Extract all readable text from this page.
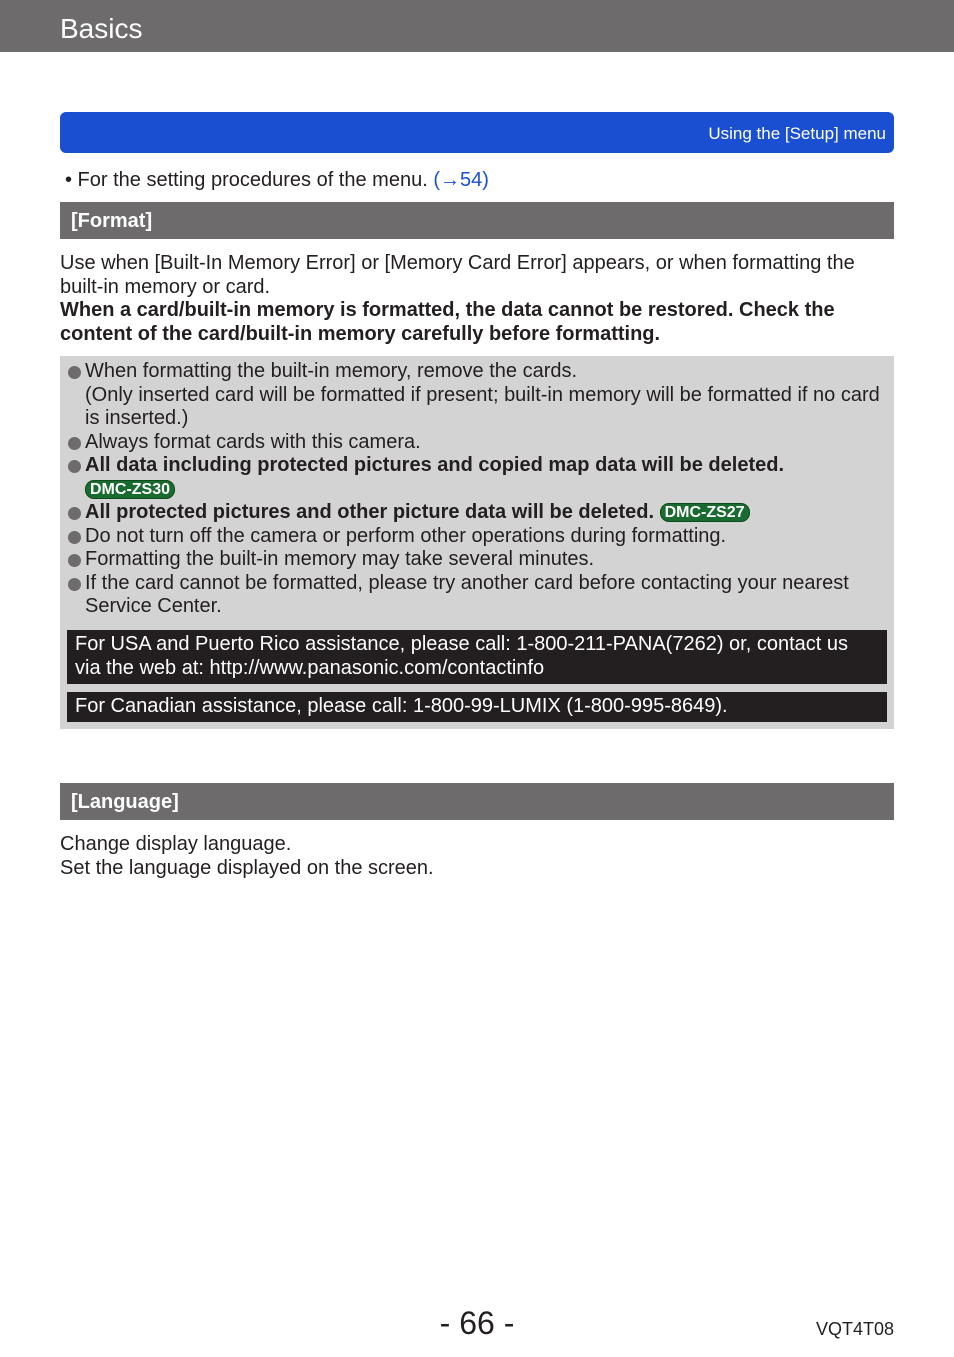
Basics
Using the [Setup] menu
• For the setting procedures of the menu. (→54)
[Format]
Use when [Built-In Memory Error] or [Memory Card Error] appears, or when formatting the built-in memory or card.
When a card/built-in memory is formatted, the data cannot be restored. Check the content of the card/built-in memory carefully before formatting.
When formatting the built-in memory, remove the cards.
(Only inserted card will be formatted if present; built-in memory will be formatted if no card is inserted.)
Always format cards with this camera.
All data including protected pictures and copied map data will be deleted.
DMC-ZS30
All protected pictures and other picture data will be deleted. DMC-ZS27
Do not turn off the camera or perform other operations during formatting.
Formatting the built-in memory may take several minutes.
If the card cannot be formatted, please try another card before contacting your nearest Service Center.
For USA and Puerto Rico assistance, please call: 1-800-211-PANA(7262) or, contact us via the web at: http://www.panasonic.com/contactinfo
For Canadian assistance, please call: 1-800-99-LUMIX (1-800-995-8649).
[Language]
Change display language.
Set the language displayed on the screen.
- 66 -	VQT4T08
